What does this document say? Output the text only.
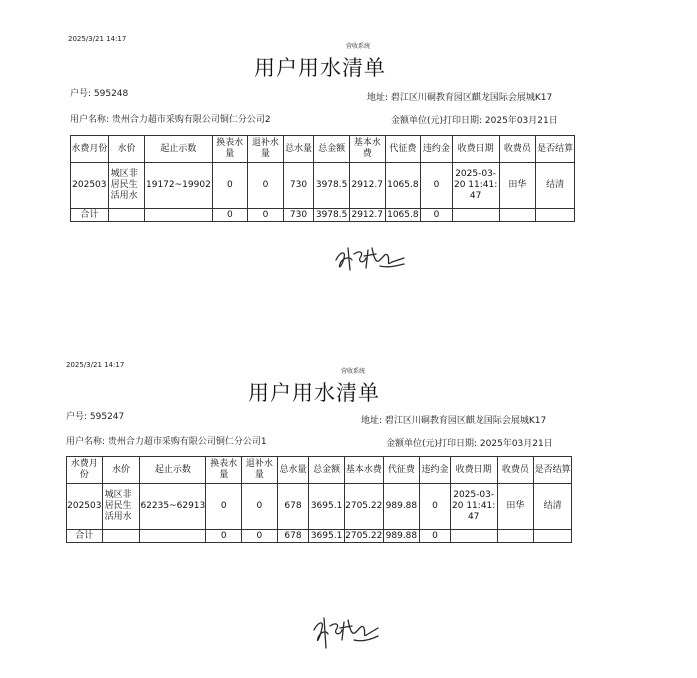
2025/3/21 14:17
营收系统
用户用水清单
户号: 595248	地址: 碧江区川硐教育园区麒龙国际会展城K17
用户名称: 贵州合力超市采购有限公司铜仁分公司2	金额单位(元)打印日期: 2025年03月21日
水费月份	水价	起止示数	换表水量	退补水量	总水量	总金额	基本水费	代征费	违约金	收费日期	收费员	是否结算
202503	城区非居民生活用水	19172~19902	0	0	730	3978.5	2912.7	1065.8	0	2025-03-20 11:41:47	田华	结清
合计			0	0	730	3978.5	2912.7	1065.8	0			
2025/3/21 14:17
营收系统
用户用水清单
户号: 595247	地址: 碧江区川硐教育园区麒龙国际会展城K17
用户名称: 贵州合力超市采购有限公司铜仁分公司1	金额单位(元)打印日期: 2025年03月21日
水费月份	水价	起止示数	换表水量	退补水量	总水量	总金额	基本水费	代征费	违约金	收费日期	收费员	是否结算
202503	城区非居民生活用水	62235~62913	0	0	678	3695.1	2705.22	989.88	0	2025-03-20 11:41:47	田华	结清
合计			0	0	678	3695.1	2705.22	989.88	0			
